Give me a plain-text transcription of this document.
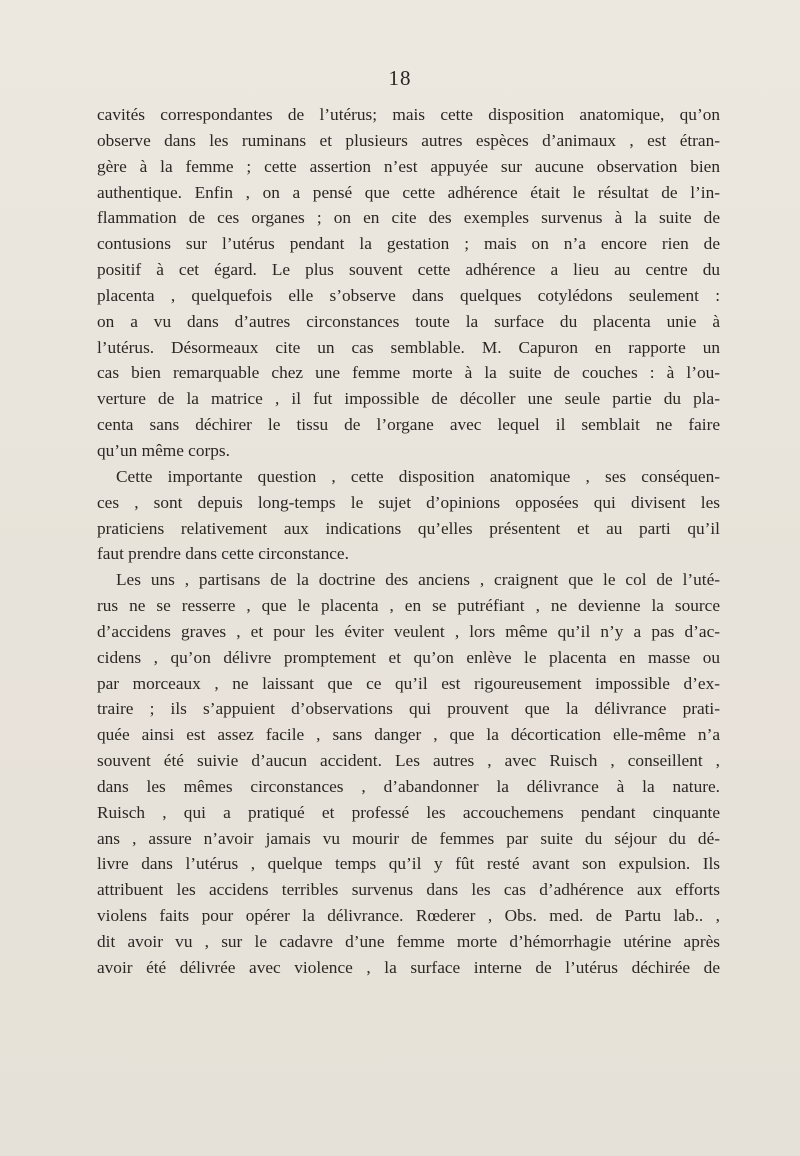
18
cavités correspondantes de l’utérus; mais cette disposition anatomique, qu’on
observe dans les ruminans et plusieurs autres espèces d’animaux , est étran-
gère à la femme ; cette assertion n’est appuyée sur aucune observation bien
authentique. Enfin , on a pensé que cette adhérence était le résultat de l’in-
flammation de ces organes ; on en cite des exemples survenus à la suite de
contusions sur l’utérus pendant la gestation ; mais on n’a encore rien de
positif à cet égard. Le plus souvent cette adhérence a lieu au centre du
placenta , quelquefois elle s’observe dans quelques cotylédons seulement :
on a vu dans d’autres circonstances toute la surface du placenta unie à
l’utérus. Désormeaux cite un cas semblable. M. Capuron en rapporte un
cas bien remarquable chez une femme morte à la suite de couches : à l’ou-
verture de la matrice , il fut impossible de décoller une seule partie du pla-
centa sans déchirer le tissu de l’organe avec lequel il semblait ne faire
qu’un même corps.
Cette importante question , cette disposition anatomique , ses conséquen-
ces , sont depuis long-temps le sujet d’opinions opposées qui divisent les
praticiens relativement aux indications qu’elles présentent et au parti qu’il
faut prendre dans cette circonstance.
Les uns , partisans de la doctrine des anciens , craignent que le col de l’uté-
rus ne se resserre , que le placenta , en se putréfiant , ne devienne la source
d’accidens graves , et pour les éviter veulent , lors même qu’il n’y a pas d’ac-
cidens , qu’on délivre promptement et qu’on enlève le placenta en masse ou
par morceaux , ne laissant que ce qu’il est rigoureusement impossible d’ex-
traire ; ils s’appuient d’observations qui prouvent que la délivrance prati-
quée ainsi est assez facile , sans danger , que la décortication elle-même n’a
souvent été suivie d’aucun accident. Les autres , avec Ruisch , conseillent ,
dans les mêmes circonstances , d’abandonner la délivrance à la nature.
Ruisch , qui a pratiqué et professé les accouchemens pendant cinquante
ans , assure n’avoir jamais vu mourir de femmes par suite du séjour du dé-
livre dans l’utérus , quelque temps qu’il y fût resté avant son expulsion. Ils
attribuent les accidens terribles survenus dans les cas d’adhérence aux efforts
violens faits pour opérer la délivrance. Rœderer , Obs. med. de Partu lab.. ,
dit avoir vu , sur le cadavre d’une femme morte d’hémorrhagie utérine après
avoir été délivrée avec violence , la surface interne de l’utérus déchirée de
